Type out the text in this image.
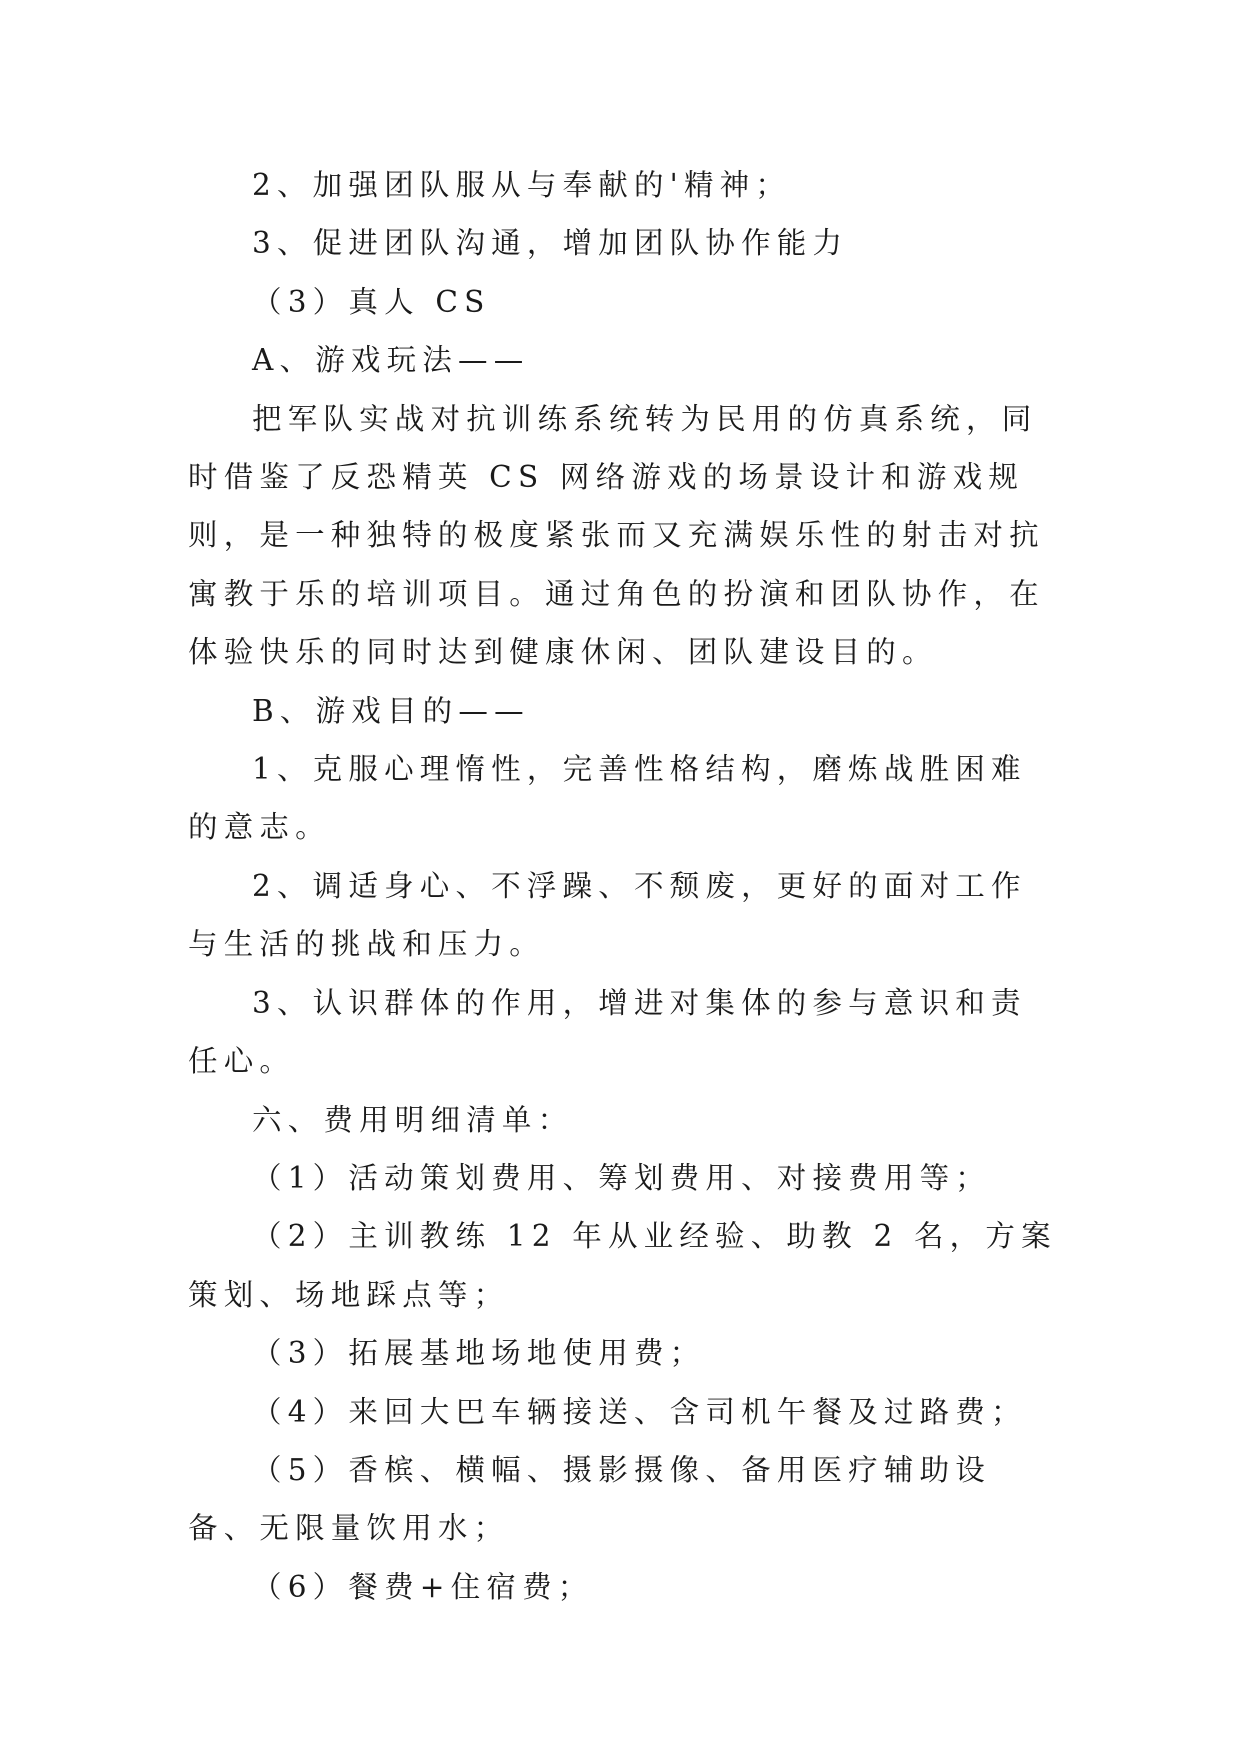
2、加强团队服从与奉献的'精神；

3、促进团队沟通，增加团队协作能力

（3）真人 CS

A、游戏玩法——

把军队实战对抗训练系统转为民用的仿真系统，同时借鉴了反恐精英 CS 网络游戏的场景设计和游戏规则，是一种独特的极度紧张而又充满娱乐性的射击对抗寓教于乐的培训项目。通过角色的扮演和团队协作，在体验快乐的同时达到健康休闲、团队建设目的。

B、游戏目的——

1、克服心理惰性，完善性格结构，磨炼战胜困难的意志。

2、调适身心、不浮躁、不颓废，更好的面对工作与生活的挑战和压力。

3、认识群体的作用，增进对集体的参与意识和责任心。

六、费用明细清单：

（1）活动策划费用、筹划费用、对接费用等；

（2）主训教练 12 年从业经验、助教 2 名，方案策划、场地踩点等；

（3）拓展基地场地使用费；

（4）来回大巴车辆接送、含司机午餐及过路费；

（5）香槟、横幅、摄影摄像、备用医疗辅助设备、无限量饮用水；

（6）餐费+住宿费；
